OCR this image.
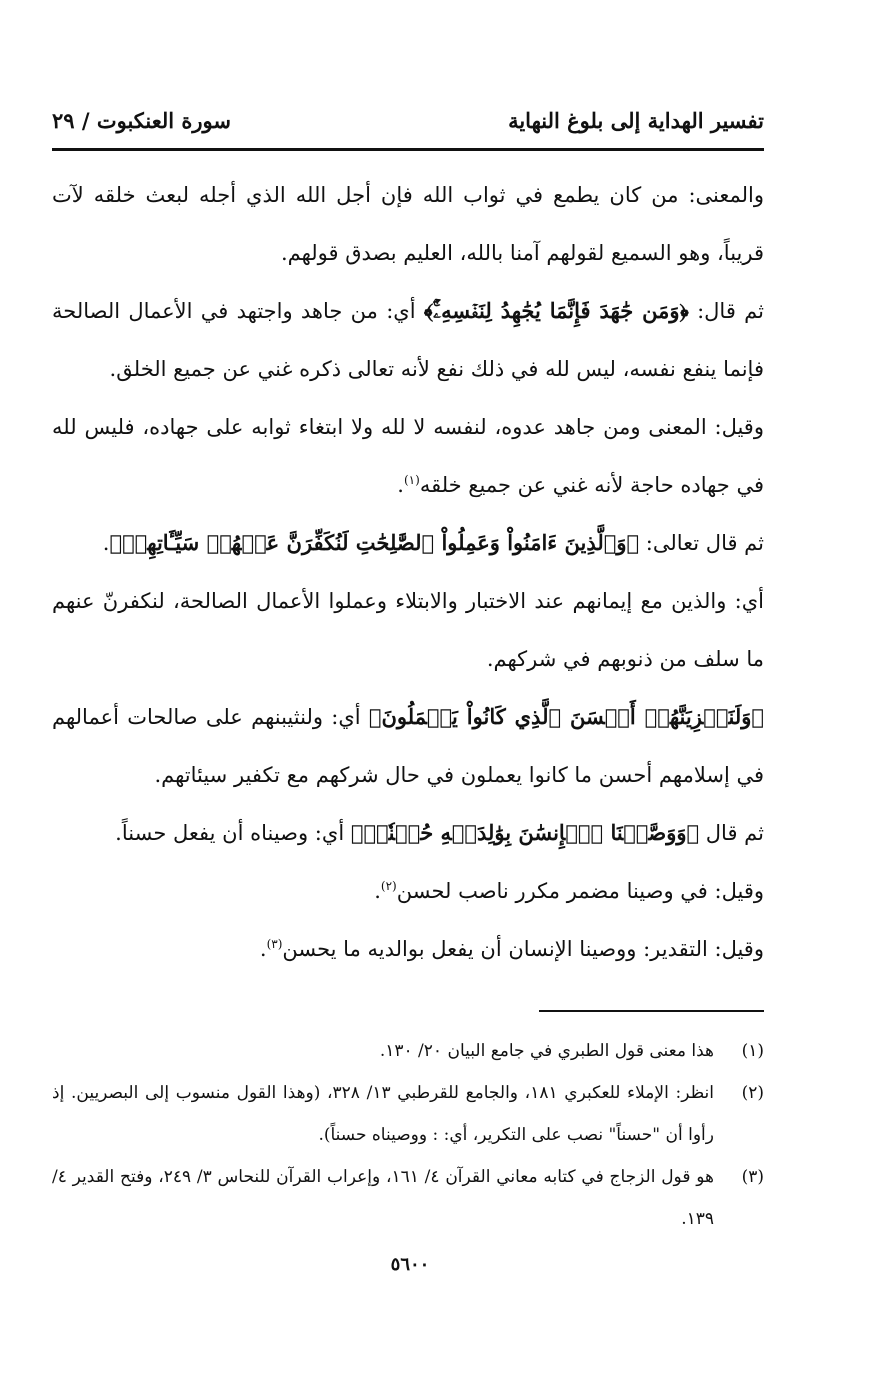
تفسير الهداية إلى بلوغ النهاية
سورة العنكبوت / ٢٩

والمعنى: من كان يطمع في ثواب الله فإن أجل الله الذي أجله لبعث خلقه لآت قريباً، وهو السميع لقولهم آمنا بالله، العليم بصدق قولهم.

ثم قال: ﴿وَمَن جَٰهَدَ فَإِنَّمَا يُجَٰهِدُ لِنَفۡسِهِۦٓۚ﴾ أي: من جاهد واجتهد في الأعمال الصالحة فإنما ينفع نفسه، ليس لله في ذلك نفع لأنه تعالى ذكره غني عن جميع الخلق.

وقيل: المعنى ومن جاهد عدوه، لنفسه لا لله ولا ابتغاء ثوابه على جهاده، فليس لله في جهاده حاجة لأنه غني عن جميع خلقه$^{(١)}$.

ثم قال تعالى: ﴿وَٱلَّذِينَ ءَامَنُواْ وَعَمِلُواْ ٱلصَّٰلِحَٰتِ لَنُكَفِّرَنَّ عَنۡهُمۡ سَيِّـَٔاتِهِمۡ﴾.

أي: والذين مع إيمانهم عند الاختبار والابتلاء وعملوا الأعمال الصالحة، لنكفرنّ عنهم ما سلف من ذنوبهم في شركهم.

﴿وَلَنَجۡزِيَنَّهُمۡ أَحۡسَنَ ٱلَّذِي كَانُواْ يَعۡمَلُونَ﴾ أي: ولنثيبنهم على صالحات أعمالهم في إسلامهم أحسن ما كانوا يعملون في حال شركهم مع تكفير سيئاتهم.

ثم قال ﴿وَوَصَّيۡنَا ٱلۡإِنسَٰنَ بِوَٰلِدَيۡهِ حُسۡنٗاۖ﴾ أي: وصيناه أن يفعل حسناً.

وقيل: في وصينا مضمر مكرر ناصب لحسن$^{(٢)}$.

وقيل: التقدير: ووصينا الإنسان أن يفعل بوالديه ما يحسن$^{(٣)}$.

(١)
هذا معنى قول الطبري في جامع البيان ٢٠/ ١٣٠.

(٢)
انظر: الإملاء للعكبري ١٨١، والجامع للقرطبي ١٣/ ٣٢٨، (وهذا القول منسوب إلى البصريين. إذ رأوا أن "حسناً" نصب على التكرير، أي: : ووصيناه حسناً).

(٣)
هو قول الزجاج في كتابه معاني القرآن ٤/ ١٦١، وإعراب القرآن للنحاس ٣/ ٢٤٩، وفتح القدير ٤/ ١٣٩.

٥٦٠٠
